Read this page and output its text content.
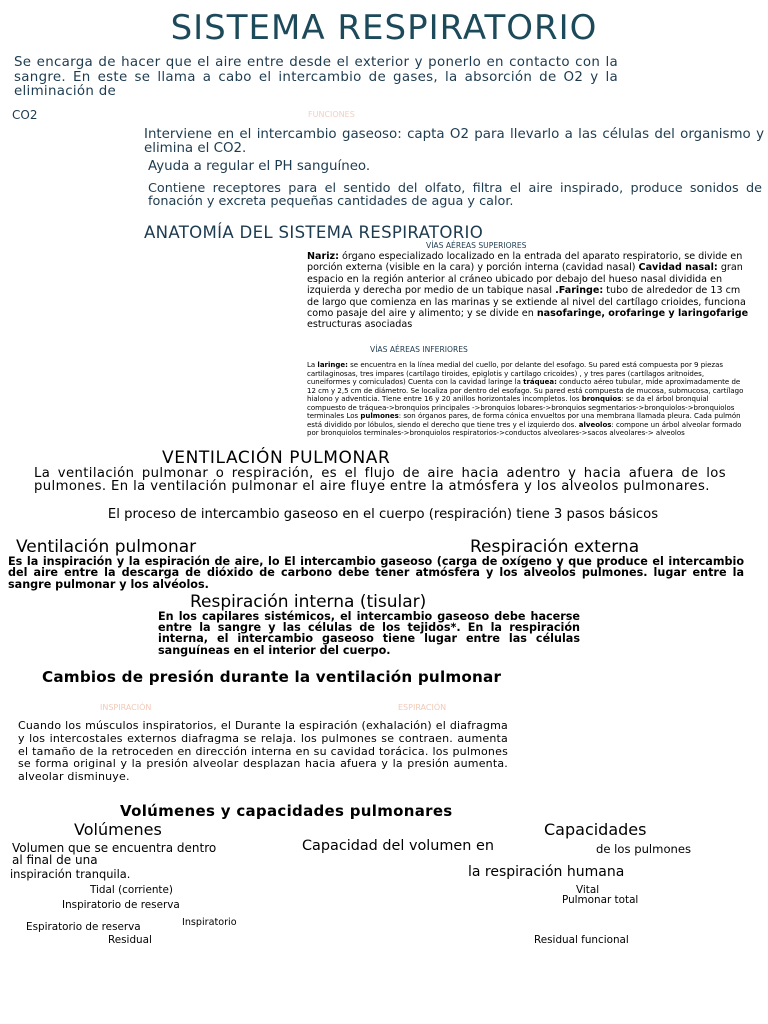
SISTEMA RESPIRATORIO

Se encarga de hacer que el aire entre desde el exterior y ponerlo en contacto con la sangre. En este se llama a cabo el intercambio de gases, la absorción de O2 y la eliminación de

CO2	FUNCIONES

Interviene en el intercambio gaseoso: capta O2 para llevarlo a las células del organismo y elimina el CO2.

Ayuda a regular el PH sanguíneo.

Contiene receptores para el sentido del olfato, filtra el aire inspirado, produce sonidos de fonación y excreta pequeñas cantidades de agua y calor.

ANATOMÍA DEL SISTEMA RESPIRATORIO
VÍAS AÉREAS SUPERIORES

Nariz: órgano especializado localizado en la entrada del aparato respiratorio, se divide en porción externa (visible en la cara) y porción interna (cavidad nasal) Cavidad nasal: gran espacio en la región anterior al cráneo ubicado por debajo del hueso nasal dividida en izquierda y derecha por medio de un tabique nasal .Faringe: tubo de alrededor de 13 cm de largo que comienza en las marinas y se extiende al nivel del cartílago crioides, funciona como pasaje del aire y alimento; y se divide en nasofaringe, orofaringe y laringofarige estructuras asociadas

VÍAS AÉREAS INFERIORES

La laringe: se encuentra en la línea medial del cuello, por delante del esofago. Su pared está compuesta por 9 piezas cartilaginosas, tres impares (cartílago tiroides, epiglotis y cartílago cricoides) , y tres pares (cartílagos aritnoides, cuneiformes y corniculados) Cuenta con la cavidad laringe la tráquea: conducto aéreo tubular, mide aproximadamente de 12 cm y 2,5 cm de diámetro. Se localiza por dentro del esofago. Su pared está compuesta de mucosa, submucosa, cartílago hialono y adventicia. Tiene entre 16 y 20 anillos horizontales incompletos. los bronquios: se da el árbol bronquial compuesto de tráquea->bronquios principales ->bronquios lobares->bronquios segmentarios->bronquiolos->bronquiolos terminales Los pulmones: son órganos pares, de forma cónica envueltos por una membrana llamada pleura. Cada pulmón está dividido por lóbulos, siendo el derecho que tiene tres y el izquierdo dos. alveolos: compone un árbol alveolar formado por bronquiolos terminales->bronquiolos respiratorios->conductos alveolares->sacos alveolares-> alveolos

VENTILACIÓN PULMONAR

La ventilación pulmonar o respiración, es el flujo de aire hacia adentro y hacia afuera de los pulmones. En la ventilación pulmonar el aire fluye entre la atmósfera y los alveolos pulmonares.

El proceso de intercambio gaseoso en el cuerpo (respiración) tiene 3 pasos básicos

Ventilación pulmonar	Respiración externa

Es la inspiración y la espiración de aire, lo El intercambio gaseoso (carga de oxígeno y que produce el intercambio del aire entre la descarga de dióxido de carbono debe tener atmósfera y los alveolos pulmones. lugar entre la sangre pulmonar y los alvéolos.

Respiración interna (tisular)

En los capilares sistémicos, el intercambio gaseoso debe hacerse entre la sangre y las células de los tejidos*. En la respiración interna, el intercambio gaseoso tiene lugar entre las células sanguíneas en el interior del cuerpo.

Cambios de presión durante la ventilación pulmonar
INSPIRACIÓN	ESPIRACIÓN

Cuando los músculos inspiratorios, el Durante la espiración (exhalación) el diafragma y los intercostales externos diafragma se relaja. los pulmones se contraen. aumenta el tamaño de la retroceden en dirección interna en su cavidad torácica. los pulmones se forma original y la presión alveolar desplazan hacia afuera y la presión aumenta. alveolar disminuye.

Volúmenes y capacidades pulmonares
Volúmenes	Capacidades
Volumen que se encuentra dentro
al final de una
inspiración tranquila.
Capacidad del volumen en	de los pulmones
la respiración humana
Tidal (corriente)
Inspiratorio de reserva
Espiratorio de reserva	Inspiratorio
Residual
Vital
Pulmonar total
Residual funcional
